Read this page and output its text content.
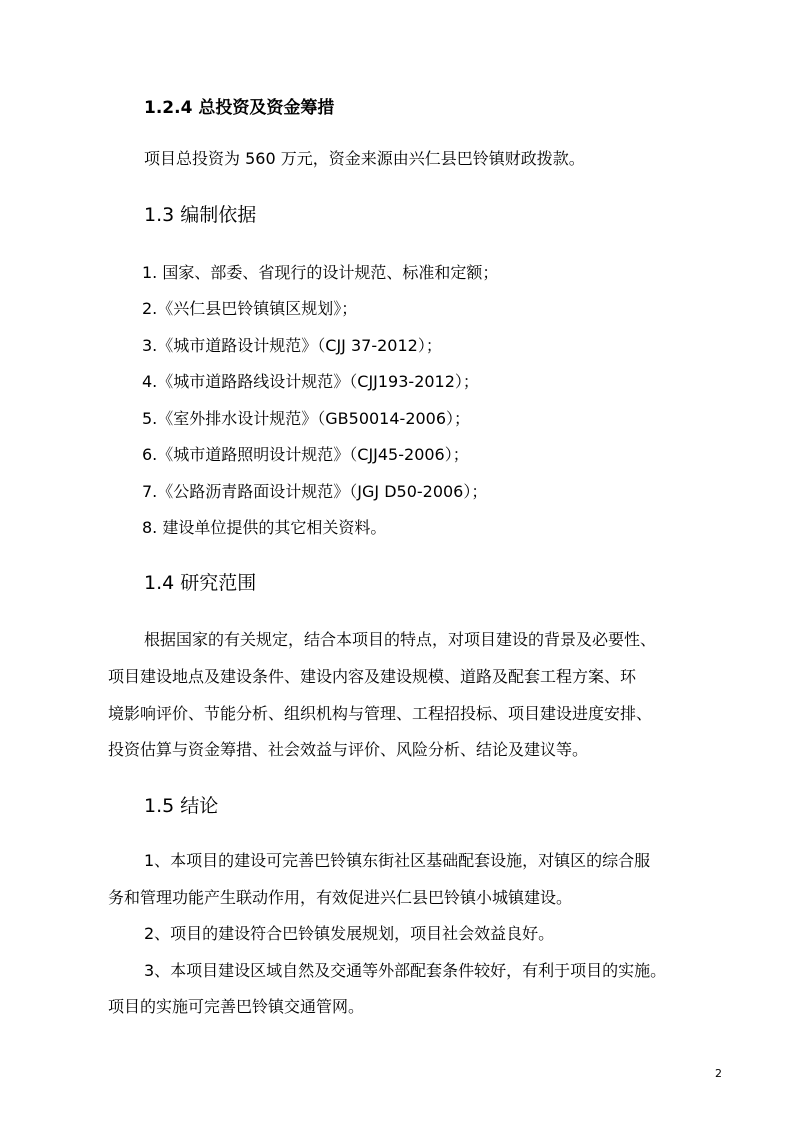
1.2.4 总投资及资金筹措
项目总投资为 560 万元，资金来源由兴仁县巴铃镇财政拨款。
1.3 编制依据
1. 国家、部委、省现行的设计规范、标准和定额；
2.《兴仁县巴铃镇镇区规划》；
3.《城市道路设计规范》（CJJ 37-2012）；
4.《城市道路路线设计规范》（CJJ193-2012）；
5.《室外排水设计规范》（GB50014-2006）；
6.《城市道路照明设计规范》（CJJ45-2006）；
7.《公路沥青路面设计规范》（JGJ D50-2006）；
8. 建设单位提供的其它相关资料。
1.4 研究范围
根据国家的有关规定，结合本项目的特点，对项目建设的背景及必要性、
项目建设地点及建设条件、建设内容及建设规模、道路及配套工程方案、环
境影响评价、节能分析、组织机构与管理、工程招投标、项目建设进度安排、
投资估算与资金筹措、社会效益与评价、风险分析、结论及建议等。
1.5 结论
1、本项目的建设可完善巴铃镇东街社区基础配套设施，对镇区的综合服
务和管理功能产生联动作用，有效促进兴仁县巴铃镇小城镇建设。
2、项目的建设符合巴铃镇发展规划，项目社会效益良好。
3、本项目建设区域自然及交通等外部配套条件较好，有利于项目的实施。
项目的实施可完善巴铃镇交通管网。
2
